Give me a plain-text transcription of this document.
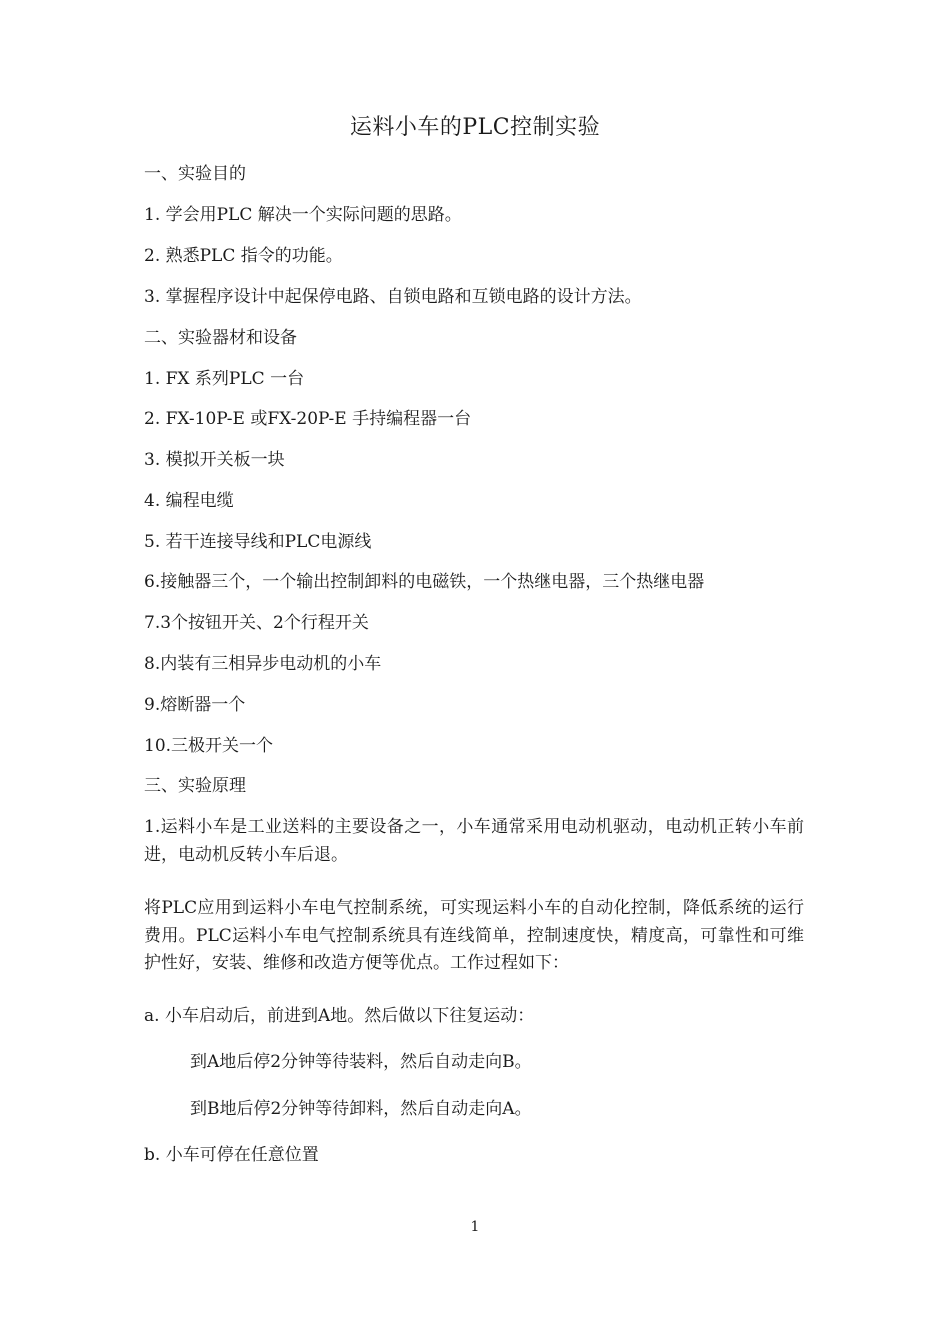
运料小车的PLC控制实验
一、实验目的
1. 学会用PLC 解决一个实际问题的思路。
2. 熟悉PLC 指令的功能。
3. 掌握程序设计中起保停电路、自锁电路和互锁电路的设计方法。
二、实验器材和设备
1. FX 系列PLC 一台
2. FX-10P-E 或FX-20P-E 手持编程器一台
3. 模拟开关板一块
4. 编程电缆
5. 若干连接导线和PLC电源线
6.接触器三个，一个输出控制卸料的电磁铁，一个热继电器，三个热继电器
7.3个按钮开关、2个行程开关
8.内装有三相异步电动机的小车
9.熔断器一个
10.三极开关一个
三、实验原理
1.运料小车是工业送料的主要设备之一，小车通常采用电动机驱动，电动机正转小车前进，电动机反转小车后退。
将PLC应用到运料小车电气控制系统，可实现运料小车的自动化控制，降低系统的运行费用。PLC运料小车电气控制系统具有连线简单，控制速度快，精度高，可靠性和可维护性好，安装、维修和改造方便等优点。工作过程如下：
a. 小车启动后，前进到A地。然后做以下往复运动：
到A地后停2分钟等待装料，然后自动走向B。
到B地后停2分钟等待卸料，然后自动走向A。
b. 小车可停在任意位置
1
